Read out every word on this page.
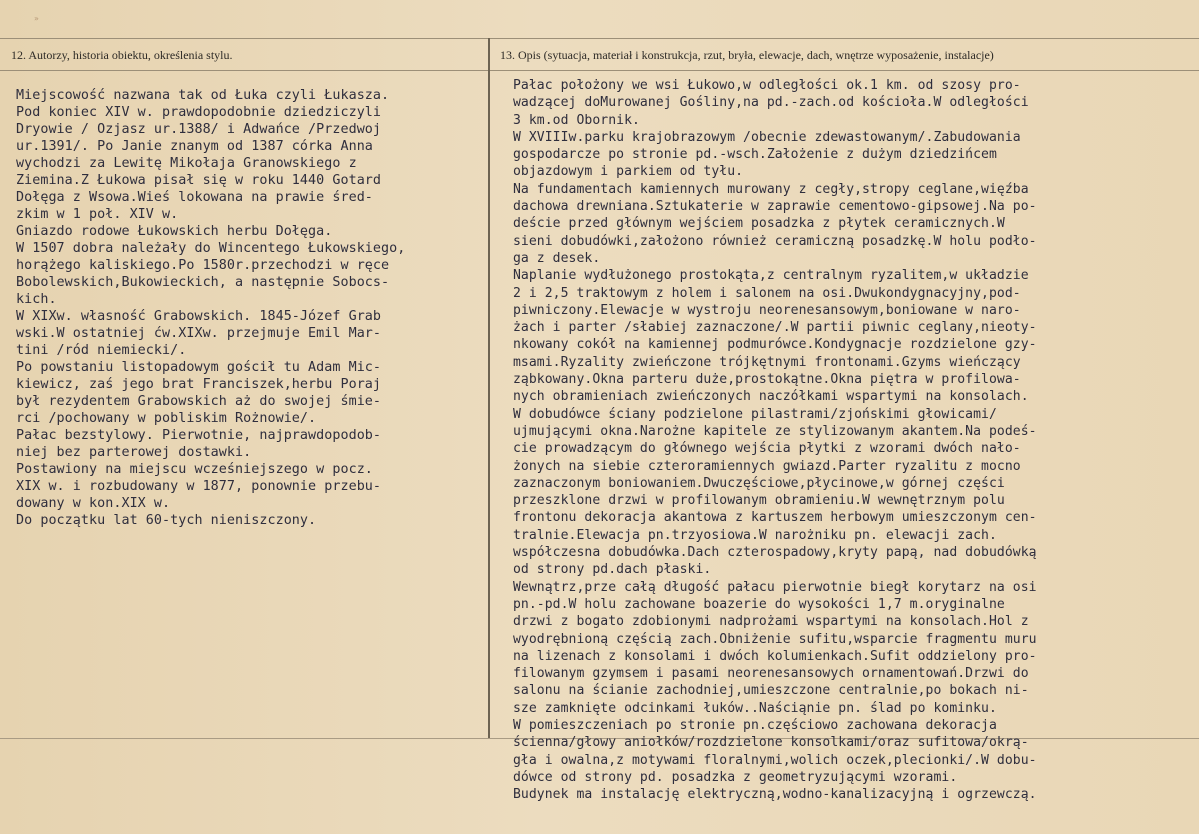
»
12. Autorzy, historia obiektu, określenia stylu.	13. Opis (sytuacja, materiał i konstrukcja, rzut, bryła, elewacje, dach, wnętrze wyposażenie, instalacje)
Miejscowość nazwana tak od Łuka czyli Łukasza.
Pod koniec XIV w. prawdopodobnie dziedziczyli
Dryowie / Ozjasz ur.1388/ i Adwańce /Przedwoj
ur.1391/. Po Janie znanym od 1387 córka Anna
wychodzi za Lewitę Mikołaja Granowskiego z
Ziemina.Z Łukowa pisał się w roku 1440 Gotard
Dołęga z Wsowa.Wieś lokowana na prawie śred-
zkim w 1 poł. XIV w.
Gniazdo rodowe Łukowskich herbu Dołęga.
W 1507 dobra należały do Wincentego Łukowskiego,
horążego kaliskiego.Po 1580r.przechodzi w ręce
Bobolewskich,Bukowieckich, a następnie Sobocs-
kich.
W XIXw. własność Grabowskich. 1845-Józef Grab
wski.W ostatniej ćw.XIXw. przejmuje Emil Mar-
tini /ród niemiecki/.
Po powstaniu listopadowym gościł tu Adam Mic-
kiewicz, zaś jego brat Franciszek,herbu Poraj
był rezydentem Grabowskich aż do swojej śmie-
rci /pochowany w pobliskim Rożnowie/.
Pałac bezstylowy. Pierwotnie, najprawdopodob-
niej bez parterowej dostawki.
Postawiony na miejscu wcześniejszego w pocz.
XIX w. i rozbudowany w 1877, ponownie przebu-
dowany w kon.XIX w.
Do początku lat 60-tych nieniszczony.
Pałac położony we wsi Łukowo,w odległości ok.1 km. od szosy pro-
wadzącej doMurowanej Gośliny,na pd.-zach.od kościoła.W odległości
3 km.od Obornik.
W XVIIIw.parku krajobrazowym /obecnie zdewastowanym/.Zabudowania
gospodarcze po stronie pd.-wsch.Założenie z dużym dziedzińcem
objazdowym i parkiem od tyłu.
Na fundamentach kamiennych murowany z cegły,stropy ceglane,więźba
dachowa drewniana.Sztukaterie w zaprawie cementowo-gipsowej.Na po-
deście przed głównym wejściem posadzka z płytek ceramicznych.W
sieni dobudówki,założono również ceramiczną posadzkę.W holu podło-
ga z desek.
Naplanie wydłużonego prostokąta,z centralnym ryzalitem,w układzie
2 i 2,5 traktowym z holem i salonem na osi.Dwukondygnacyjny,pod-
piwniczony.Elewacje w wystroju neorenesansowym,boniowane w naro-
żach i parter /słabiej zaznaczone/.W partii piwnic ceglany,nieoty-
nkowany cokół na kamiennej podmurówce.Kondygnacje rozdzielone gzy-
msami.Ryzality zwieńczone trójkętnymi frontonami.Gzyms wieńczący
ząbkowany.Okna parteru duże,prostokątne.Okna piętra w profilowa-
nych obramieniach zwieńczonych naczółkami wspartymi na konsolach.
W dobudówce ściany podzielone pilastrami/zjońskimi głowicami/
ujmującymi okna.Narożne kapitele ze stylizowanym akantem.Na podeś-
cie prowadzącym do głównego wejścia płytki z wzorami dwóch nało-
żonych na siebie czteroramiennych gwiazd.Parter ryzalitu z mocno
zaznaczonym boniowaniem.Dwuczęściowe,płycinowe,w górnej części
przeszklone drzwi w profilowanym obramieniu.W wewnętrznym polu
frontonu dekoracja akantowa z kartuszem herbowym umieszczonym cen-
tralnie.Elewacja pn.trzyosiowa.W narożniku pn. elewacji zach.
współczesna dobudówka.Dach czterospadowy,kryty papą, nad dobudówką
od strony pd.dach płaski.
Wewnątrz,prze całą długość pałacu pierwotnie biegł korytarz na osi
pn.-pd.W holu zachowane boazerie do wysokości 1,7 m.oryginalne
drzwi z bogato zdobionymi nadprożami wspartymi na konsolach.Hol z
wyodrębnioną częścią zach.Obniżenie sufitu,wsparcie fragmentu muru
na lizenach z konsolami i dwóch kolumienkach.Sufit oddzielony pro-
filowanym gzymsem i pasami neorenesansowych ornamentowań.Drzwi do
salonu na ścianie zachodniej,umieszczone centralnie,po bokach ni-
sze zamknięte odcinkami łuków..Naściąnie pn. ślad po kominku.
W pomieszczeniach po stronie pn.częściowo zachowana dekoracja
ścienna/głowy aniołków/rozdzielone konsolkami/oraz sufitowa/okrą-
gła i owalna,z motywami floralnymi,wolich oczek,plecionki/.W dobu-
dówce od strony pd. posadzka z geometryzującymi wzorami.
Budynek ma instalację elektryczną,wodno-kanalizacyjną i ogrzewczą.
